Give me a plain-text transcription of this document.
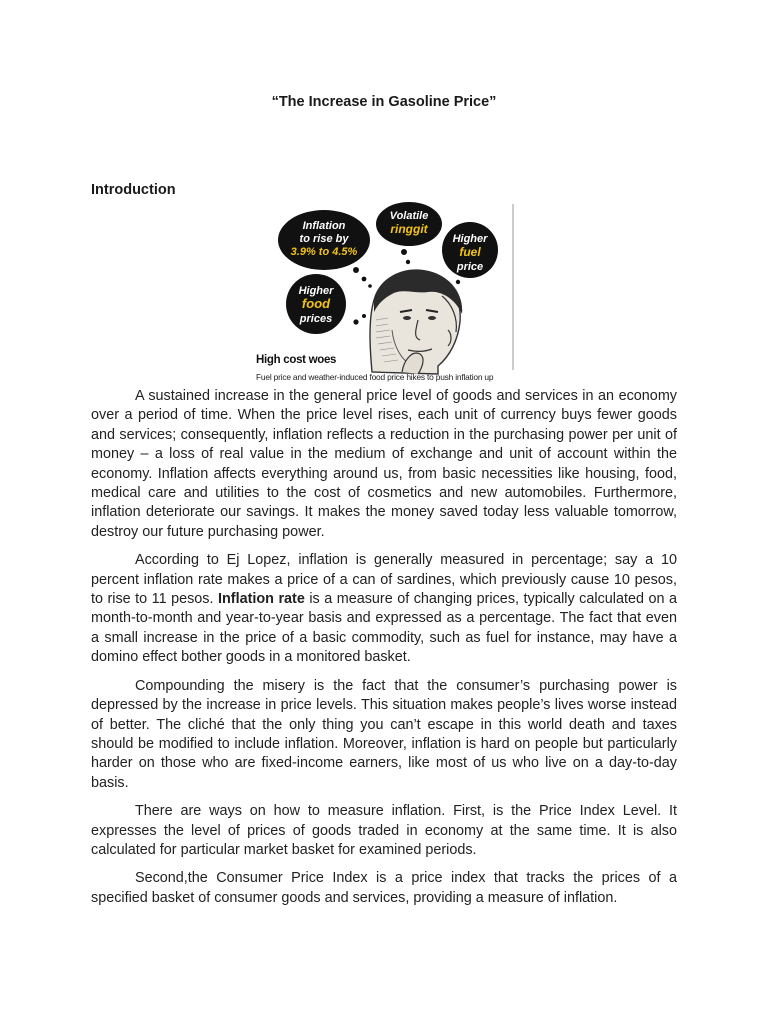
“The Increase in Gasoline Price”
Introduction
Inflation
to rise by
3.9% to 4.5%
Volatile
ringgit
Higher
fuel
price
Higher
food
prices
High cost woes
Fuel price and weather-induced food price hikes to push inflation up

A sustained increase in the general price level of goods and services in an economy over a period of time. When the price level rises, each unit of currency buys fewer goods and services; consequently, inflation reflects a reduction in the purchasing power per unit of money – a loss of real value in the medium of exchange and unit of account within the economy. Inflation affects everything around us, from basic necessities like housing, food, medical care and utilities to the cost of cosmetics and new automobiles. Furthermore, inflation deteriorate our savings. It makes the money saved today less valuable tomorrow, destroy our future purchasing power.

According to Ej Lopez, inflation is generally measured in percentage; say a 10 percent inflation rate makes a price of a can of sardines, which previously cause 10 pesos, to rise to 11 pesos. Inflation rate is a measure of changing prices, typically calculated on a month-to-month and year-to-year basis and expressed as a percentage. The fact that even a small increase in the price of a basic commodity, such as fuel for instance, may have a domino effect bother goods in a monitored basket.

Compounding the misery is the fact that the consumer’s purchasing power is depressed by the increase in price levels. This situation makes people’s lives worse instead of better. The cliché that the only thing you can’t escape in this world death and taxes should be modified to include inflation. Moreover, inflation is hard on people but particularly harder on those who are fixed-income earners, like most of us who live on a day-to-day basis.

There are ways on how to measure inflation. First, is the Price Index Level. It expresses the level of prices of goods traded in economy at the same time. It is also calculated for particular market basket for examined periods.

Second,the Consumer Price Index is a price index that tracks the prices of a specified basket of consumer goods and services, providing a measure of inflation.
